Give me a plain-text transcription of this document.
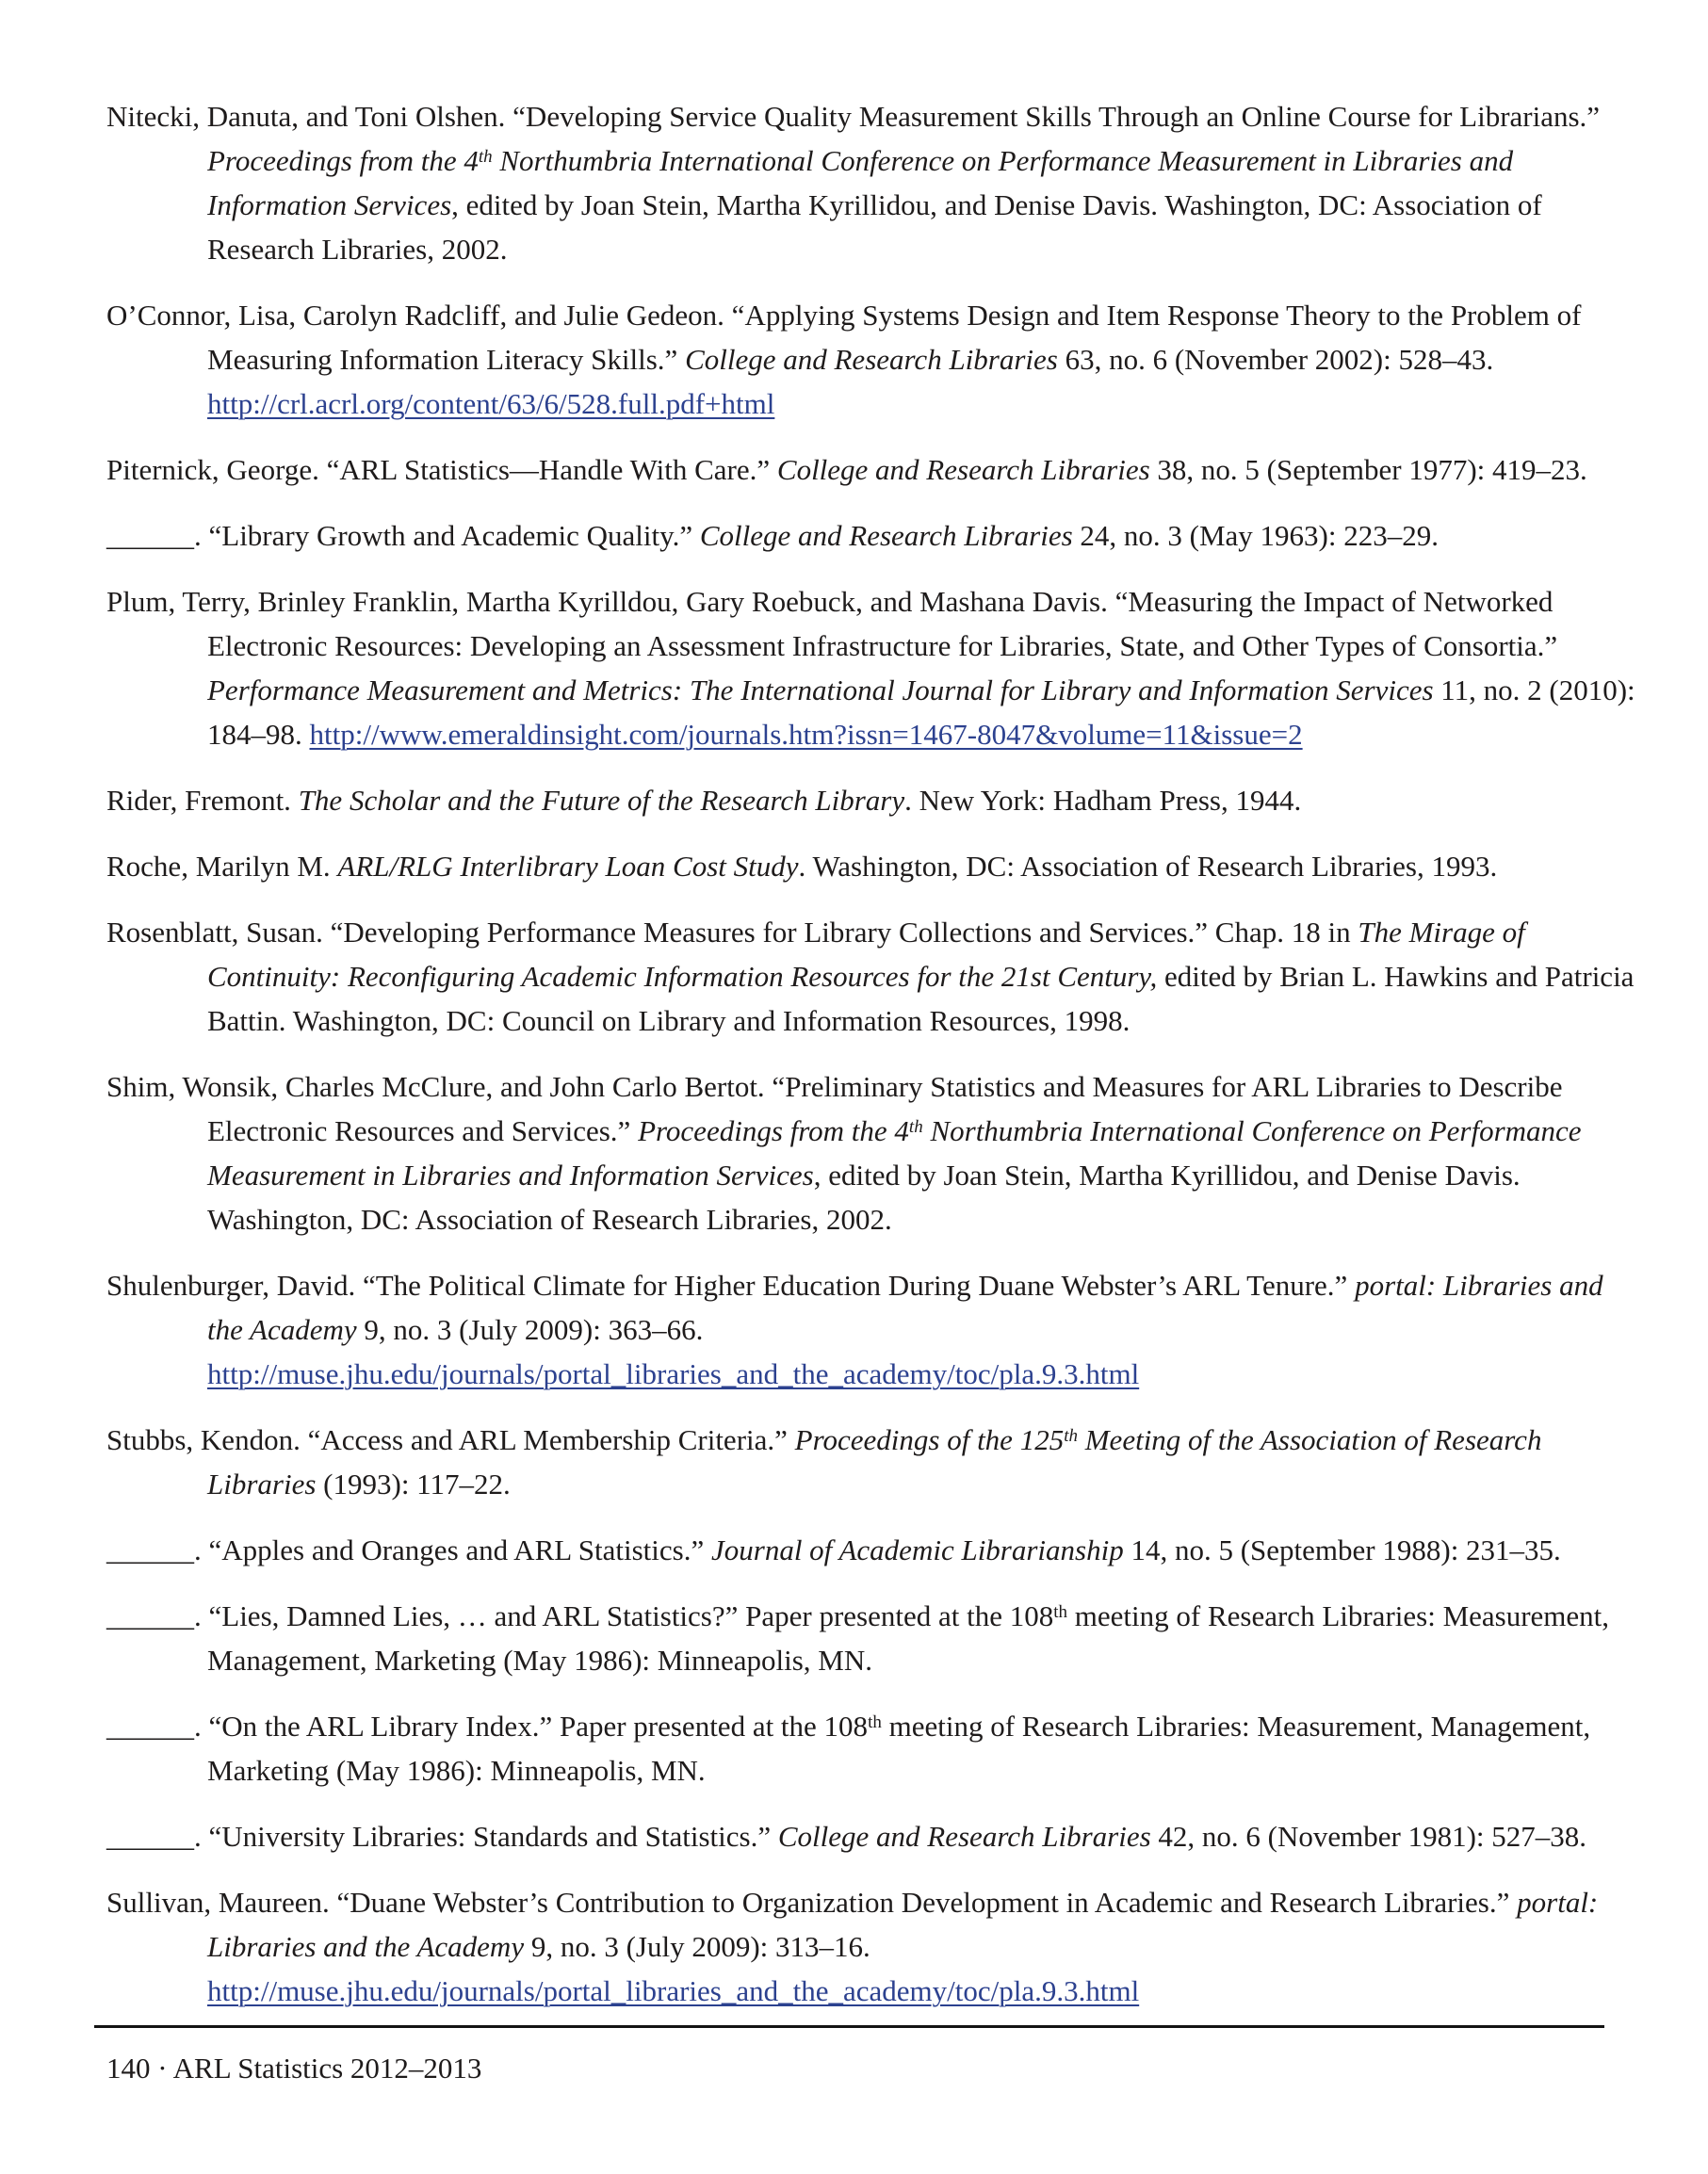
Nitecki, Danuta, and Toni Olshen. “Developing Service Quality Measurement Skills Through an Online Course for Librarians.” Proceedings from the 4th Northumbria International Conference on Performance Measurement in Libraries and Information Services, edited by Joan Stein, Martha Kyrillidou, and Denise Davis. Washington, DC: Association of Research Libraries, 2002.

O’Connor, Lisa, Carolyn Radcliff, and Julie Gedeon. “Applying Systems Design and Item Response Theory to the Problem of Measuring Information Literacy Skills.” College and Research Libraries 63, no. 6 (November 2002): 528–43. http://crl.acrl.org/content/63/6/528.full.pdf+html

Piternick, George. “ARL Statistics—Handle With Care.” College and Research Libraries 38, no. 5 (September 1977): 419–23.

______. “Library Growth and Academic Quality.” College and Research Libraries 24, no. 3 (May 1963): 223–29.

Plum, Terry, Brinley Franklin, Martha Kyrilldou, Gary Roebuck, and Mashana Davis. “Measuring the Impact of Networked Electronic Resources: Developing an Assessment Infrastructure for Libraries, State, and Other Types of Consortia.” Performance Measurement and Metrics: The International Journal for Library and Information Services 11, no. 2 (2010): 184–98. http://www.emeraldinsight.com/journals.htm?issn=1467-8047&volume=11&issue=2

Rider, Fremont. The Scholar and the Future of the Research Library. New York: Hadham Press, 1944.

Roche, Marilyn M. ARL/RLG Interlibrary Loan Cost Study. Washington, DC: Association of Research Libraries, 1993.

Rosenblatt, Susan. “Developing Performance Measures for Library Collections and Services.” Chap. 18 in The Mirage of Continuity: Reconfiguring Academic Information Resources for the 21st Century, edited by Brian L. Hawkins and Patricia Battin. Washington, DC: Council on Library and Information Resources, 1998.

Shim, Wonsik, Charles McClure, and John Carlo Bertot. “Preliminary Statistics and Measures for ARL Libraries to Describe Electronic Resources and Services.” Proceedings from the 4th Northumbria International Conference on Performance Measurement in Libraries and Information Services, edited by Joan Stein, Martha Kyrillidou, and Denise Davis. Washington, DC: Association of Research Libraries, 2002.

Shulenburger, David. “The Political Climate for Higher Education During Duane Webster’s ARL Tenure.” portal: Libraries and the Academy 9, no. 3 (July 2009): 363–66. http://muse.jhu.edu/journals/portal_libraries_and_the_academy/toc/pla.9.3.html

Stubbs, Kendon. “Access and ARL Membership Criteria.” Proceedings of the 125th Meeting of the Association of Research Libraries (1993): 117–22.

______. “Apples and Oranges and ARL Statistics.” Journal of Academic Librarianship 14, no. 5 (September 1988): 231–35.

______. “Lies, Damned Lies, … and ARL Statistics?” Paper presented at the 108th meeting of Research Libraries: Measurement, Management, Marketing (May 1986): Minneapolis, MN.

______. “On the ARL Library Index.” Paper presented at the 108th meeting of Research Libraries: Measurement, Management, Marketing (May 1986): Minneapolis, MN.

______. “University Libraries: Standards and Statistics.” College and Research Libraries 42, no. 6 (November 1981): 527–38.

Sullivan, Maureen. “Duane Webster’s Contribution to Organization Development in Academic and Research Libraries.” portal: Libraries and the Academy 9, no. 3 (July 2009): 313–16. http://muse.jhu.edu/journals/portal_libraries_and_the_academy/toc/pla.9.3.html

140 · ARL Statistics 2012–2013
